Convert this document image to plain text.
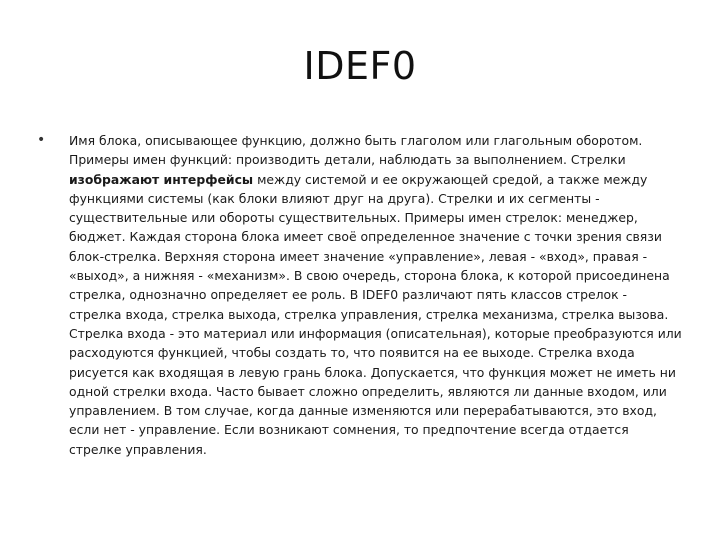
IDEF0
• Имя блока, описывающее функцию, должно быть глаголом или глагольным оборотом. Примеры имен функций: производить детали, наблюдать за выполнением. Стрелки изображают интерфейсы между системой и ее окружающей средой, а также между функциями системы (как блоки влияют друг на друга). Стрелки и их сегменты - существительные или обороты существительных. Примеры имен стрелок: менеджер, бюджет. Каждая сторона блока имеет своё определенное значение с точки зрения связи блок-стрелка. Верхняя сторона имеет значение «управление», левая - «вход», правая - «выход», а нижняя - «механизм». В свою очередь, сторона блока, к которой присоединена стрелка, однозначно определяет ее роль. В IDEF0 различают пять классов стрелок - стрелка входа, стрелка выхода, стрелка управления, стрелка механизма, стрелка вызова. Стрелка входа - это материал или информация (описательная), которые преобразуются или расходуются функцией, чтобы создать то, что появится на ее выходе. Стрелка входа рисуется как входящая в левую грань блока. Допускается, что функция может не иметь ни одной стрелки входа. Часто бывает сложно определить, являются ли данные входом, или управлением. В том случае, когда данные изменяются или перерабатываются, это вход, если нет - управление. Если возникают сомнения, то предпочтение всегда отдается стрелке управления.
